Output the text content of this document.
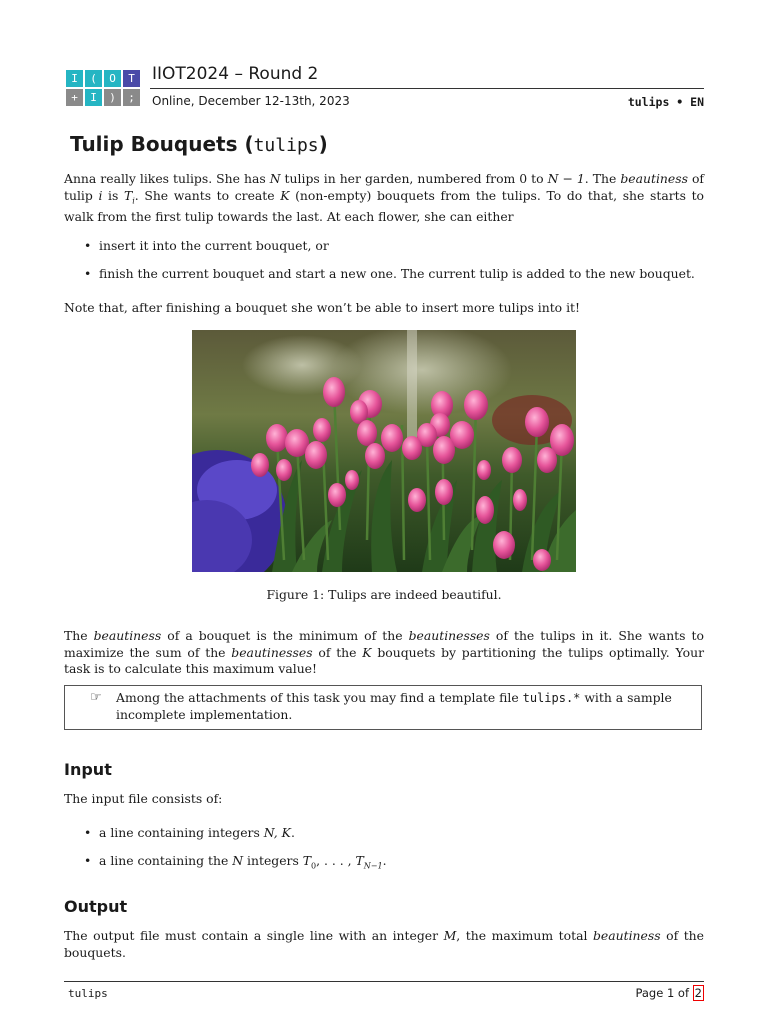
I	(	O	T
+	I	)	;
IIOT2024 – Round 2
Online, December 12-13th, 2023	tulips • EN
Tulip Bouquets (tulips)
Anna really likes tulips. She has N tulips in her garden, numbered from 0 to N − 1. The beautiness of tulip i is $T_i$. She wants to create K (non-empty) bouquets from the tulips. To do that, she starts to walk from the first tulip towards the last. At each flower, she can either
• insert it into the current bouquet, or
• finish the current bouquet and start a new one. The current tulip is added to the new bouquet.
Note that, after finishing a bouquet she won’t be able to insert more tulips into it!
Figure 1: Tulips are indeed beautiful.
The beautiness of a bouquet is the minimum of the beautinesses of the tulips in it. She wants to maximize the sum of the beautinesses of the K bouquets by partitioning the tulips optimally. Your task is to calculate this maximum value!
☞ Among the attachments of this task you may find a template file tulips.* with a sample incomplete implementation.
Input
The input file consists of:
• a line containing integers N, K.
• a line containing the N integers $T_0$, . . . , $T_{N-1}$.
Output
The output file must contain a single line with an integer M, the maximum total beautiness of the bouquets.
tulips	Page 1 of 2
